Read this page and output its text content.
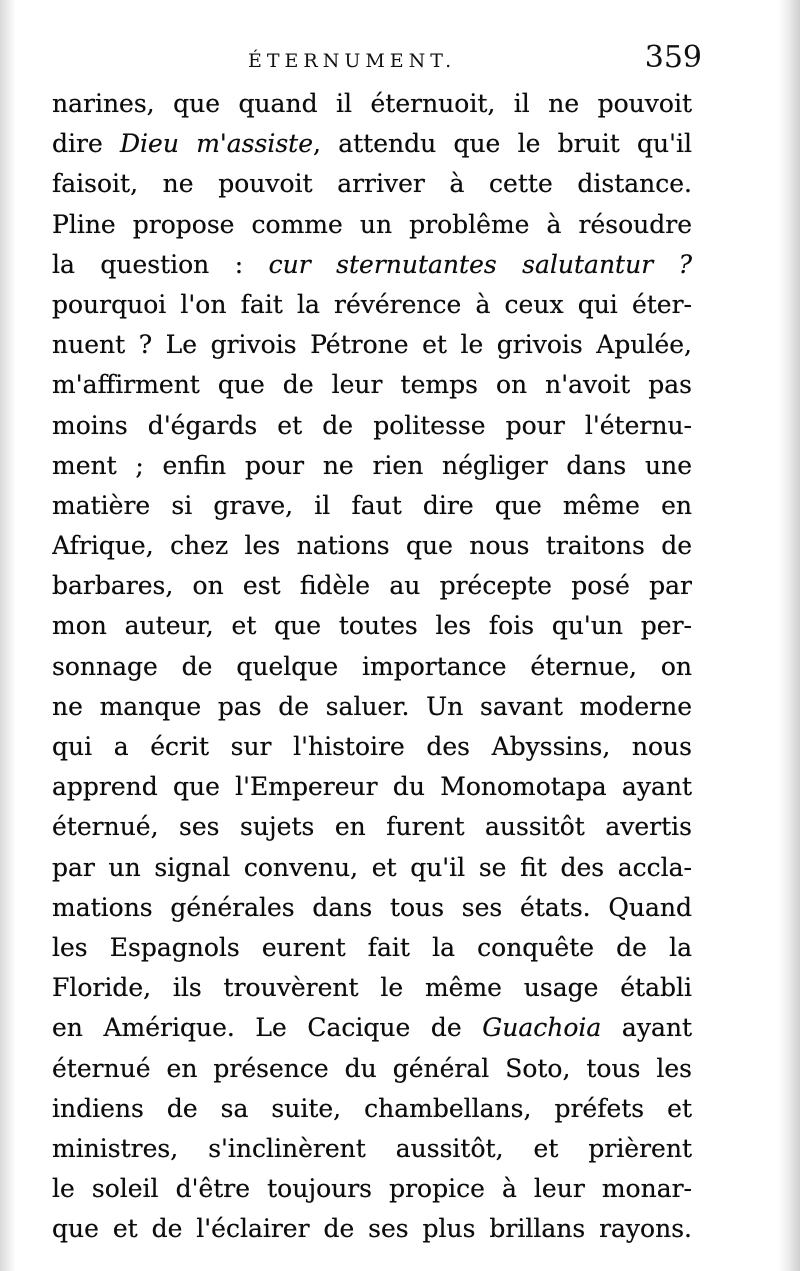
ÉTERNUMENT.	359
narines, que quand il éternuoit, il ne pouvoit
dire Dieu m'assiste, attendu que le bruit qu'il
faisoit, ne pouvoit arriver à cette distance.
Pline propose comme un problême à résoudre
la question : cur sternutantes salutantur ?
pourquoi l'on fait la révérence à ceux qui éter-
nuent ? Le grivois Pétrone et le grivois Apulée,
m'affirment que de leur temps on n'avoit pas
moins d'égards et de politesse pour l'éternu-
ment ; enfin pour ne rien négliger dans une
matière si grave, il faut dire que même en
Afrique, chez les nations que nous traitons de
barbares, on est fidèle au précepte posé par
mon auteur, et que toutes les fois qu'un per-
sonnage de quelque importance éternue, on
ne manque pas de saluer. Un savant moderne
qui a écrit sur l'histoire des Abyssins, nous
apprend que l'Empereur du Monomotapa ayant
éternué, ses sujets en furent aussitôt avertis
par un signal convenu, et qu'il se fit des accla-
mations générales dans tous ses états. Quand
les Espagnols eurent fait la conquête de la
Floride, ils trouvèrent le même usage établi
en Amérique. Le Cacique de Guachoia ayant
éternué en présence du général Soto, tous les
indiens de sa suite, chambellans, préfets et
ministres, s'inclinèrent aussitôt, et prièrent
le soleil d'être toujours propice à leur monar-
que et de l'éclairer de ses plus brillans rayons.
